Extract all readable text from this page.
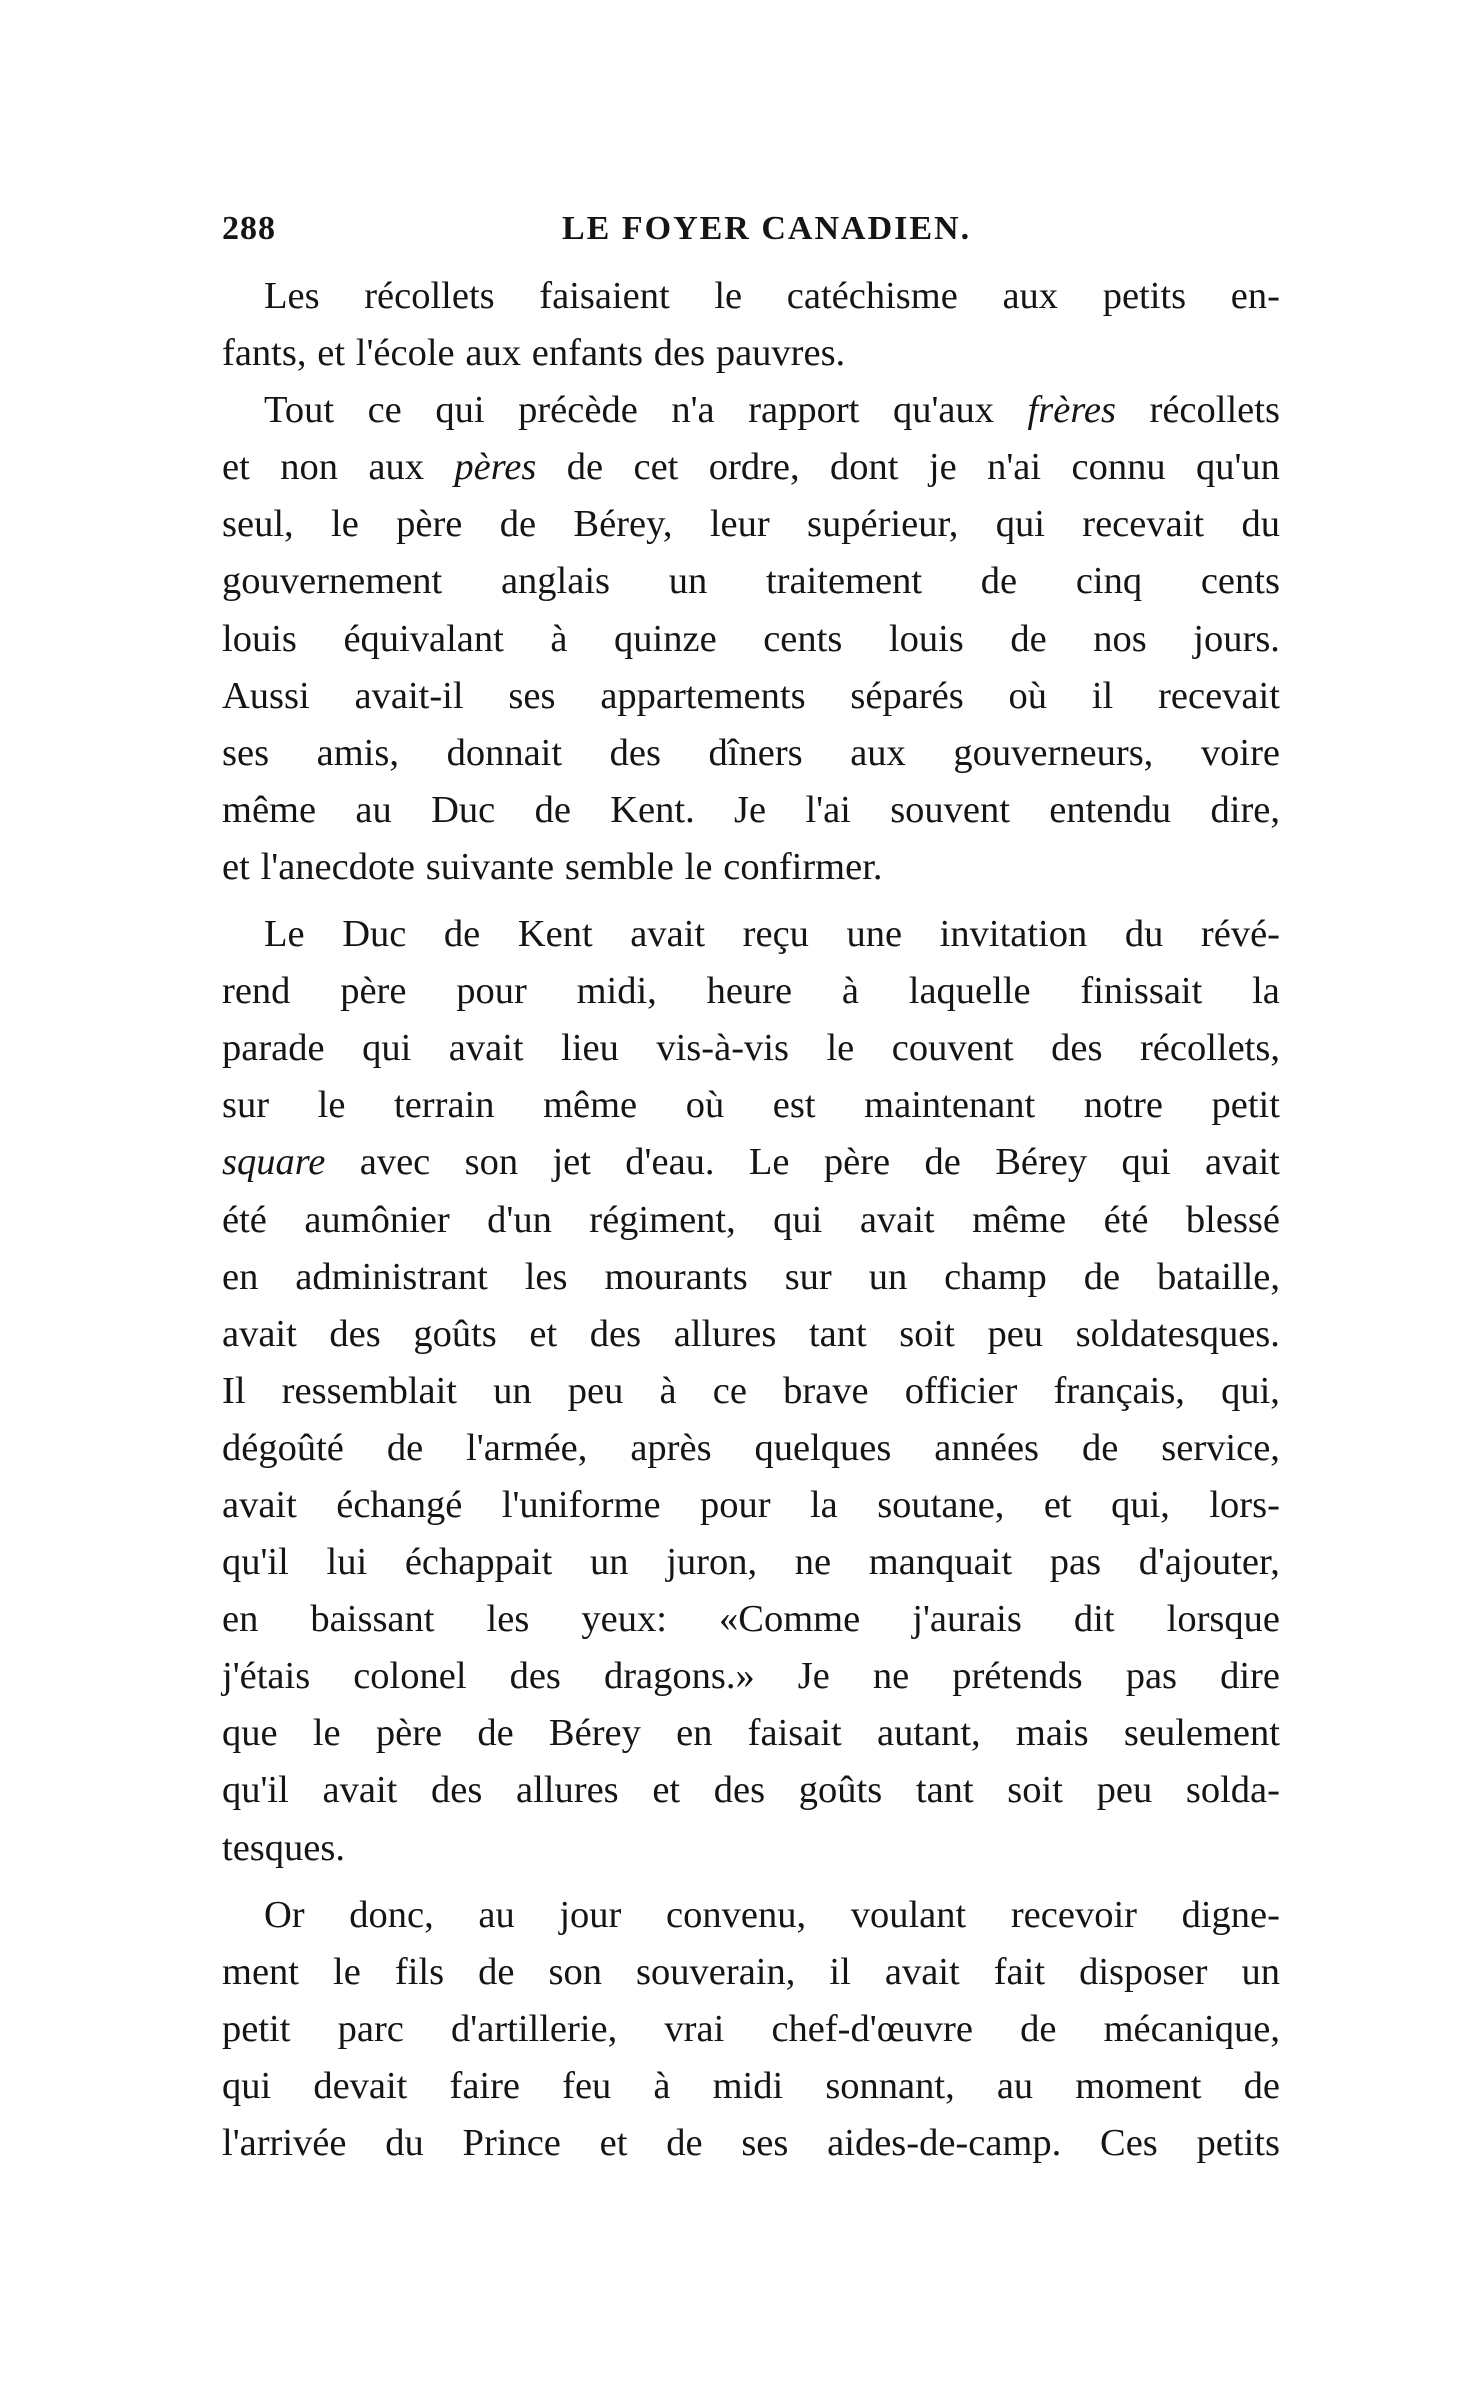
288	LE FOYER CANADIEN.
Les récollets faisaient le catéchisme aux petits en-
fants, et l'école aux enfants des pauvres.
Tout ce qui précède n'a rapport qu'aux frères récollets
et non aux pères de cet ordre, dont je n'ai connu qu'un
seul, le père de Bérey, leur supérieur, qui recevait du
gouvernement anglais un traitement de cinq cents
louis équivalant à quinze cents louis de nos jours.
Aussi avait-il ses appartements séparés où il recevait
ses amis, donnait des dîners aux gouverneurs, voire
même au Duc de Kent. Je l'ai souvent entendu dire,
et l'anecdote suivante semble le confirmer.
Le Duc de Kent avait reçu une invitation du révé-
rend père pour midi, heure à laquelle finissait la
parade qui avait lieu vis-à-vis le couvent des récollets,
sur le terrain même où est maintenant notre petit
square avec son jet d'eau. Le père de Bérey qui avait
été aumônier d'un régiment, qui avait même été blessé
en administrant les mourants sur un champ de bataille,
avait des goûts et des allures tant soit peu soldatesques.
Il ressemblait un peu à ce brave officier français, qui,
dégoûté de l'armée, après quelques années de service,
avait échangé l'uniforme pour la soutane, et qui, lors-
qu'il lui échappait un juron, ne manquait pas d'ajouter,
en baissant les yeux: «Comme j'aurais dit lorsque
j'étais colonel des dragons.» Je ne prétends pas dire
que le père de Bérey en faisait autant, mais seulement
qu'il avait des allures et des goûts tant soit peu solda-
tesques.
Or donc, au jour convenu, voulant recevoir digne-
ment le fils de son souverain, il avait fait disposer un
petit parc d'artillerie, vrai chef-d'œuvre de mécanique,
qui devait faire feu à midi sonnant, au moment de
l'arrivée du Prince et de ses aides-de-camp. Ces petits
